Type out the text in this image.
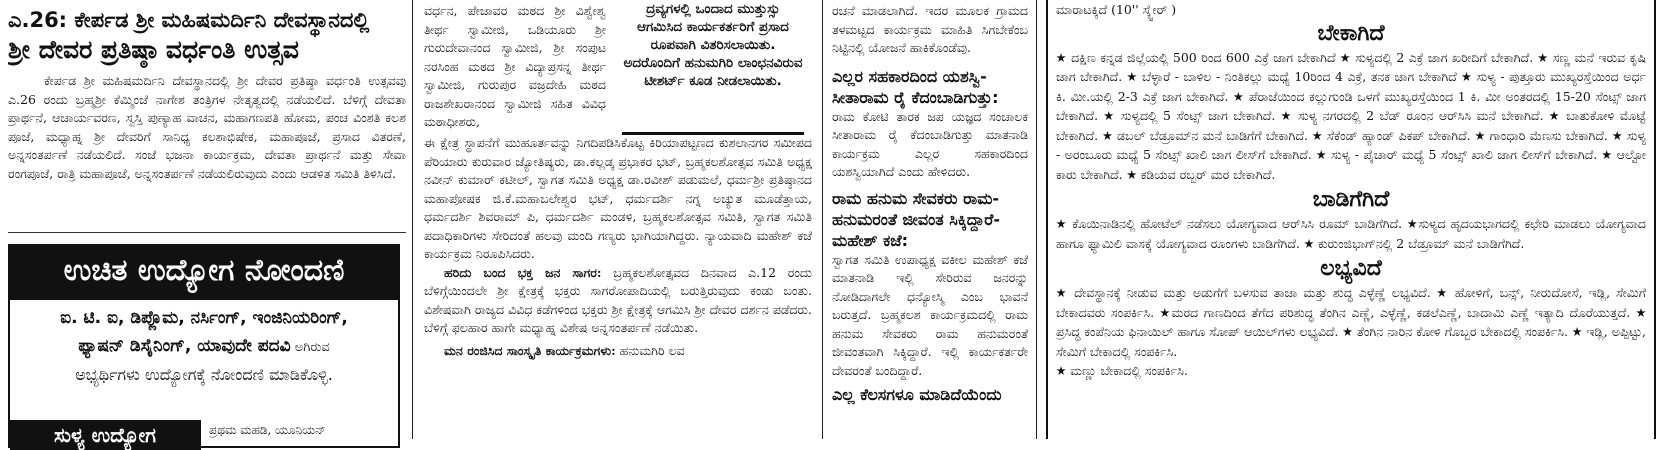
ಎ.26: ಕೇರ್ಪಡ ಶ್ರೀ ಮಹಿಷಮರ್ದಿನಿ ದೇವಸ್ಥಾನದಲ್ಲಿ
ಶ್ರೀ ದೇವರ ಪ್ರತಿಷ್ಠಾ ವರ್ಧಂತಿ ಉತ್ಸವ

ಕೇರ್ಪಡ ಶ್ರೀ ಮಹಿಷಮರ್ದಿನಿ ದೇವಸ್ಥಾನದಲ್ಲಿ ಶ್ರೀ ದೇವರ ಪ್ರತಿಷ್ಠಾ ವರ್ಧಂತಿ ಉತ್ಸವವು ಎ.26 ರಂದು ಬ್ರಹ್ಮಶ್ರೀ ಕೆಮ್ಮಿಂಜೆ ನಾಗೇಶ ತಂತ್ರಿಗಳ ನೇತೃತ್ವದಲ್ಲಿ ನಡೆಯಲಿದೆ. ಬೆಳಿಗ್ಗೆ ದೇವತಾ ಪ್ರಾರ್ಥನೆ, ಆಚಾರ್ಯವರಣ, ಸ್ವಸ್ತಿ ಪುಣ್ಯಾಹ ವಾಚನ, ಮಹಾಗಣಪತಿ ಹೋಮ, ಪಂಚ ವಿಂಶತಿ ಕಲಶ ಪೂಜೆ, ಮಧ್ಯಾಹ್ನ ಶ್ರೀ ದೇವರಿಗೆ ಸಾನಿಧ್ಯ ಕಲಶಾಭಿಷೇಕ, ಮಹಾಪೂಜೆ, ಪ್ರಸಾದ ವಿತರಣೆ, ಅನ್ನಸಂತರ್ಪಣೆ ನಡೆಯಲಿದೆ. ಸಂಜೆ ಭಜನಾ ಕಾರ್ಯಕ್ರಮ, ದೇವತಾ ಪ್ರಾರ್ಥನೆ ಮತ್ತು ಸೇವಾ ರಂಗಪೂಜೆ, ರಾತ್ರಿ ಮಹಾಪೂಜೆ, ಅನ್ನಸಂತರ್ಪಣೆ ನಡೆಯಲಿರುವುದು ಎಂದು ಆಡಳಿತ ಸಮಿತಿ ತಿಳಿಸಿದೆ.

ಉಚಿತ ಉದ್ಯೋಗ ನೋಂದಣಿ
ಐ. ಟಿ. ಐ, ಡಿಪ್ಲೊಮ, ನರ್ಸಿಂಗ್, ಇಂಜಿನಿಯರಿಂಗ್,
ಫ್ಯಾಷನ್ ಡಿಸೈನಿಂಗ್, ಯಾವುದೇ ಪದವಿ ಅಗಿರುವ
ಅಭ್ಯರ್ಥಿಗಳು ಉದ್ಯೋಗಕ್ಕೆ ನೋಂದಣಿ ಮಾಡಿಕೊಳ್ಳಿ.
ಸುಳ್ಯ ಉದ್ಯೋಗ	ಪ್ರಥಮ ಮಹಡಿ, ಯೂನಿಯನ್

ವರ್ಧನ, ಪೇಜಾವರ ಮಠದ ಶ್ರೀ ವಿಶ್ವೇಶ್ವ ತೀರ್ಥ ಸ್ವಾಮೀಜಿ, ಒಡಿಯೂರು ಶ್ರೀ ಗುರುದೇವಾನಂದ ಸ್ವಾಮೀಜಿ, ಶ್ರೀ ಸಂಪುಟ ನರಸಿಂಹ ಮಠದ ಶ್ರೀ ವಿದ್ಯಾಪ್ರಸನ್ನ ತೀರ್ಥ ಸ್ವಾಮೀಜಿ, ಗುರುಪುರ ವಜ್ರದೇಹಿ ಮಠದ ರಾಜಶೇಖರಾನಂದ ಸ್ವಾಮೀಜಿ ಸಹಿತ ವಿವಿಧ ಮಠಾಧೀಶರು,

ದ್ರವ್ಯಗಳಲ್ಲಿ ಒಂದಾದ ಮುತ್ತುಸ್ಸು ಆಗಮಿಸಿದ ಕಾರ್ಯಕರ್ತರಿಗೆ ಪ್ರಸಾದ ರೂಪವಾಗಿ ವಿತರಿಸಲಾಯಿತು. ಅದರೊಂದಿಗೆ ಹನುಮಗಿರಿ ಲಾಂಛನವಿರುವ ಟೀಶರ್ಟ್ ಕೂಡ ನೀಡಲಾಯಿತು.

ಈ ಕ್ಷೇತ್ರ ಸ್ಥಾಪನೆಗೆ ಮುಹೂರ್ತವನ್ನು ನಿಗದಿಪಡಿಸಿಕೊಟ್ಟ ಕಿರಿಯಾಪಟ್ಟಣದ ಕುಶಲಾನಗರ ಸಮೀಪದ ಪೆರಿಯಾರು ಕುರುವಾರ ಜ್ಯೋತಿಷ್ಯರು, ಡಾ.ಕಲ್ಲಡ್ಕ ಪ್ರಭಾಕರ ಭಟ್, ಬ್ರಹ್ಮಕಲಶೋತ್ಸವ ಸಮಿತಿ ಅಧ್ಯಕ್ಷ ನವೀನ್ ಕುಮಾರ್ ಕಟೀಲ್, ಸ್ವಾಗತ ಸಮಿತಿ ಅಧ್ಯಕ್ಷ ಡಾ.ರವೀಶ್ ಪಡುಮಲೆ, ಧರ್ಮಶ್ರೀ ಪ್ರತಿಷ್ಠಾನದ ಮಹಾಪೋಷಕ ಜಿ.ಕೆ.ಮಹಾಬಲೇಶ್ವರ ಭಟ್, ಧರ್ಮದರ್ಶಿ ನಗ್ನ ಅಚ್ಯುತ ಮೂಡೆತ್ತಾಯ, ಧರ್ಮದರ್ಶಿ ಶಿವರಾಮ್ ಪಿ, ಧರ್ಮದರ್ಶಿ ಮಂಡಳಿ, ಬ್ರಹ್ಮಕಲಶೋತ್ಸವ ಸಮಿತಿ, ಸ್ವಾಗತ ಸಮಿತಿ ಪದಾಧಿಕಾರಿಗಳು ಸೇರಿದಂತೆ ಹಲವು ಮಂದಿ ಗಣ್ಯರು ಭಾಗಿಯಾಗಿದ್ದರು. ನ್ಯಾಯವಾದಿ ಮಹೇಶ್ ಕಜೆ ಕಾರ್ಯಕ್ರಮ ನಿರೂಪಿಸಿದರು.

ಹರಿದು ಬಂದ ಭಕ್ತ ಜನ ಸಾಗರ: ಬ್ರಹ್ಮಕಲಶೋತ್ಸವದ ದಿನವಾದ ಎ.12 ರಂದು ಬೆಳಿಗ್ಗೆಯಿಂದಲೇ ಶ್ರೀ ಕ್ಷೇತ್ರಕ್ಕೆ ಭಕ್ತರು ಸಾಗರೋಪಾದಿಯಲ್ಲಿ ಬರುತ್ತಿರುವುದು ಕಂಡು ಬಂತು. ವಿಶೇಷವಾಗಿ ರಾಜ್ಯದ ವಿವಿಧ ಕಡೆಗಳಿಂದ ಭಕ್ತರು ಶ್ರೀ ಕ್ಷೇತ್ರಕ್ಕೆ ಆಗಮಿಸಿ ಶ್ರೀ ದೇವರ ದರ್ಶನ ಪಡೆದರು. ಬೆಳಿಗ್ಗೆ ಫಲಹಾರ ಹಾಗೇ ಮಧ್ಯಾಹ್ನ ವಿಶೇಷ ಅನ್ನಸಂತರ್ಪಣೆ ನಡೆಯಿತು.

ಮನ ರಂಜಿಸಿದ ಸಾಂಸ್ಕೃತಿ ಕಾರ್ಯಕ್ರಮಗಳು: ಹನುಮಗಿರಿ ಲವ

ರಚನೆ ಮಾಡಲಾಗಿದೆ. ಇದರ ಮೂಲಕ ಗ್ರಾಮದ ತಳಮಟ್ಟದ ಕಾರ್ಯಕ್ರಮ ಮಾಹಿತಿ ಸಿಗಬೇಕೆಂಬ ನಿಟ್ಟಿನಲ್ಲಿ ಯೋಜನೆ ಹಾಕಿಕೊಂಡೆವು.

ಎಲ್ಲರ ಸಹಕಾರದಿಂದ ಯಶಸ್ವಿ-ಸೀತಾರಾಮ ರೈ ಕೆದಂಬಾಡಿಗುತ್ತು:

ರಾಮ ಕೋಟಿ ತಾರಕ ಜಪ ಯಜ್ಞದ ಸಂಚಾಲಕ ಸೀತಾರಾಮ ರೈ ಕೆದಂಬಾಡಿಗುತ್ತು ಮಾತನಾಡಿ ಕಾರ್ಯಕ್ರಮ ಎಲ್ಲರ ಸಹಕಾರದಿಂದ ಯಶಸ್ವಿಯಾಗಿದೆ ಎಂದು ಹೇಳಿದರು.

ರಾಮ ಹನುಮ ಸೇವಕರು ರಾಮ-ಹನುಮರಂತೆ ಜೀವಂತ ಸಿಕ್ಕಿದ್ದಾರೆ-ಮಹೇಶ್ ಕಜೆ:

ಸ್ವಾಗತ ಸಮಿತಿ ಉಪಾಧ್ಯಕ್ಷ ವಕೀಲ ಮಹೇಶ್ ಕಜೆ ಮಾತನಾಡಿ ಇಲ್ಲಿ ಸೇರಿರುವ ಜನರನ್ನು ನೋಡಿದಾಗಲೇ ಧನ್ಯೋಸ್ಮಿ ಎಂಬ ಭಾವನೆ ಬರುತ್ತದೆ. ಬ್ರಹ್ಮಕಲಶ ಕಾರ್ಯಕ್ರಮದಲ್ಲಿ ರಾಮ ಹನುಮ ಸೇವಕರು ರಾಮ ಹನುಮರಂತೆ ಜೀವಂತವಾಗಿ ಸಿಕ್ಕಿದ್ದಾರೆ. ಇಲ್ಲಿ ಕಾರ್ಯಕರ್ತರೇ ದೇವರಂತೆ ಬಂದಿದ್ದಾರೆ.

ಎಲ್ಲ ಕೆಲಸಗಳೂ ಮಾಡಿದೆಯೆಂದು

ಮಾರಾಟಕ್ಕಿದೆ (10'' ಸ್ಕ್ವೇರ್ )

ಬೇಕಾಗಿದೆ

★ ದಕ್ಷಿಣ ಕನ್ನಡ ಜಿಲ್ಲೆಯಲ್ಲಿ 500 ರಿಂದ 600 ಎಕ್ರೆ ಜಾಗ ಬೇಕಾಗಿದೆ ★ ಸುಳ್ಯದಲ್ಲಿ 2 ಎಕ್ರೆ ಜಾಗ ಖರೀದಿಗೆ ಬೇಕಾಗಿದೆ. ★ ಸಣ್ಣ ಮನೆ ಇರುವ ಕೃಷಿ ಜಾಗ ಬೇಕಾಗಿದೆ. ★ ಬೆಳ್ಳಾರೆ - ಬಾಳಿಲ - ನಿಂತಿಕಲ್ಲು ಮಧ್ಯೆ 10ರಿಂದ 4 ಎಕ್ರೆ, ತನಕ ಜಾಗ ಬೇಕಾಗಿದೆ ★ ಸುಳ್ಯ - ಪುತ್ತೂರು ಮುಖ್ಯರಸ್ತೆಯಿಂದ ಅರ್ಧ ಕಿ. ಮೀ.ಯಲ್ಲಿ 2-3 ಎಕ್ರೆ ಜಾಗ ಬೇಕಾಗಿದೆ. ★ ಪೆರಾಜೆಯಿಂದ ಕಲ್ಲುಗುಂಡಿ ಒಳಗೆ ಮುಖ್ಯರಸ್ತೆಯಿಂದ 1 ಕಿ. ಮೀ ಅಂತರದಲ್ಲಿ 15-20 ಸೆಂಟ್ಸ್ ಜಾಗ ಬೇಕಾಗಿದೆ. ★ ಸುಳ್ಯದಲ್ಲಿ 5 ಸೆಂಟ್ಸ್ ಜಾಗ ಬೇಕಾಗಿದೆ. ★ ಸುಳ್ಯ ನಗರದಲ್ಲಿ 2 ಬೆಡ್ ರೂಂನ ಆರ್‌ಸಿಸಿ ಮನೆ ಬೇಕಾಗಿದೆ. ★ ಬಾತುಕೋಳಿ ಮೊಟ್ಟೆ ಬೇಕಾಗಿದೆ. ★ ಡಬಲ್ ಬೆಡ್ರೂಮ್‌ನ ಮನೆ ಬಾಡಿಗೆಗೆ ಬೇಕಾಗಿದೆ. ★ ಸೆಕೆಂಡ್ ಹ್ಯಾಂಡ್ ಪಿಕಪ್ ಬೇಕಾಗಿದೆ. ★ ಗಾಂಧಾರಿ ಮೆಣಸು ಬೇಕಾಗಿದೆ. ★ ಸುಳ್ಯ - ಅರಂಬೂರು ಮಧ್ಯೆ 5 ಸೆಂಟ್ಸ್ ಖಾಲಿ ಜಾಗ ಲೀಸ್‌ಗೆ ಬೇಕಾಗಿದೆ. ★ ಸುಳ್ಯ - ಪೈಚಾರ್ ಮಧ್ಯೆ 5 ಸೆಂಟ್ಸ್ ಖಾಲಿ ಜಾಗ ಲೀಸ್‌ಗೆ ಬೇಕಾಗಿದೆ. ★ ಆಲ್ಟೋ ಕಾರು ಬೇಕಾಗಿದೆ. ★ ಕಡಿಯವ ರಬ್ಬರ್ ಮರ ಬೇಕಾಗಿದೆ.

ಬಾಡಿಗೆಗಿದೆ

★ ಕೊಯಿನಾಡಿನಲ್ಲಿ ಹೋಟೆಲ್ ನಡೆಸಲು ಯೋಗ್ಯವಾದ ಆರ್‌ಸಿಸಿ ರೂಮ್ ಬಾಡಿಗೆಗಿದೆ. ★ಸುಳ್ಯದ ಹೃದಯಭಾಗದಲ್ಲಿ ಕಛೇರಿ ಮಾಡಲು ಯೋಗ್ಯವಾದ ಹಾಗೂ ಫ್ಯಾಮಿಲಿ ವಾಸಕ್ಕೆ ಯೋಗ್ಯವಾದ ರೂಂಗಳು ಬಾಡಿಗೆಗಿದೆ. ★ ಕುರುಂಜಿಭಾಗ್‌ನಲ್ಲಿ 2 ಬೆಡ್ರೂಮ್ ಮನೆ ಬಾಡಿಗೆಗಿದೆ.

ಲಭ್ಯವಿದೆ

★ ದೇವಸ್ಥಾನಕ್ಕೆ ನೀಡುವ ಮತ್ತು ಅಡುಗೆಗೆ ಬಳಸುವ ತಾಜಾ ಮತ್ತು ಶುದ್ಧ ಎಳ್ಳೆಣ್ಣೆ ಲಭ್ಯವಿದೆ. ★ ಹೋಳಿಗೆ, ಬನ್ಸ್, ನೀರುದೋಸೆ, ಇಡ್ಲಿ, ಸೇಮಿಗೆ ಬೇಕಾದವರು ಸಂಪರ್ಕಿಸಿ. ★ಮರದ ಗಾಣದಿಂದ ತೆಗೆದ ಪರಿಶುದ್ಧ ತೆಂಗಿನ ಎಣ್ಣೆ, ಎಳ್ಳೆಣ್ಣೆ, ಕಡಲೆಎಣ್ಣೆ, ಬಾದಾಮಿ ಎಣ್ಣೆ ಇತ್ಯಾದಿ ದೊರೆಯುತ್ತದೆ. ★ ಪ್ರಸಿದ್ಧ ಕಂಪೆನಿಯ ಫಿನಾಯಿಲ್ ಹಾಗೂ ಸೋಪ್ ಆಯಿಲ್‌ಗಳು ಲಭ್ಯವಿದೆ. ★ ತೆಂಗಿನ ನಾರಿನ ಕೋಳಿ ಗೊಬ್ಬರ ಬೇಕಾದಲ್ಲಿ ಸಂಪರ್ಕಿಸಿ. ★ ಇಡ್ಲಿ, ಅಪ್ಪಿಟ್ಟು, ಸೇಮಿಗೆ ಬೇಕಾದಲ್ಲಿ ಸಂಪರ್ಕಿಸಿ.

★ ಮಣ್ಣು ಬೇಕಾದಲ್ಲಿ ಸಂಪರ್ಕಿಸಿ.
